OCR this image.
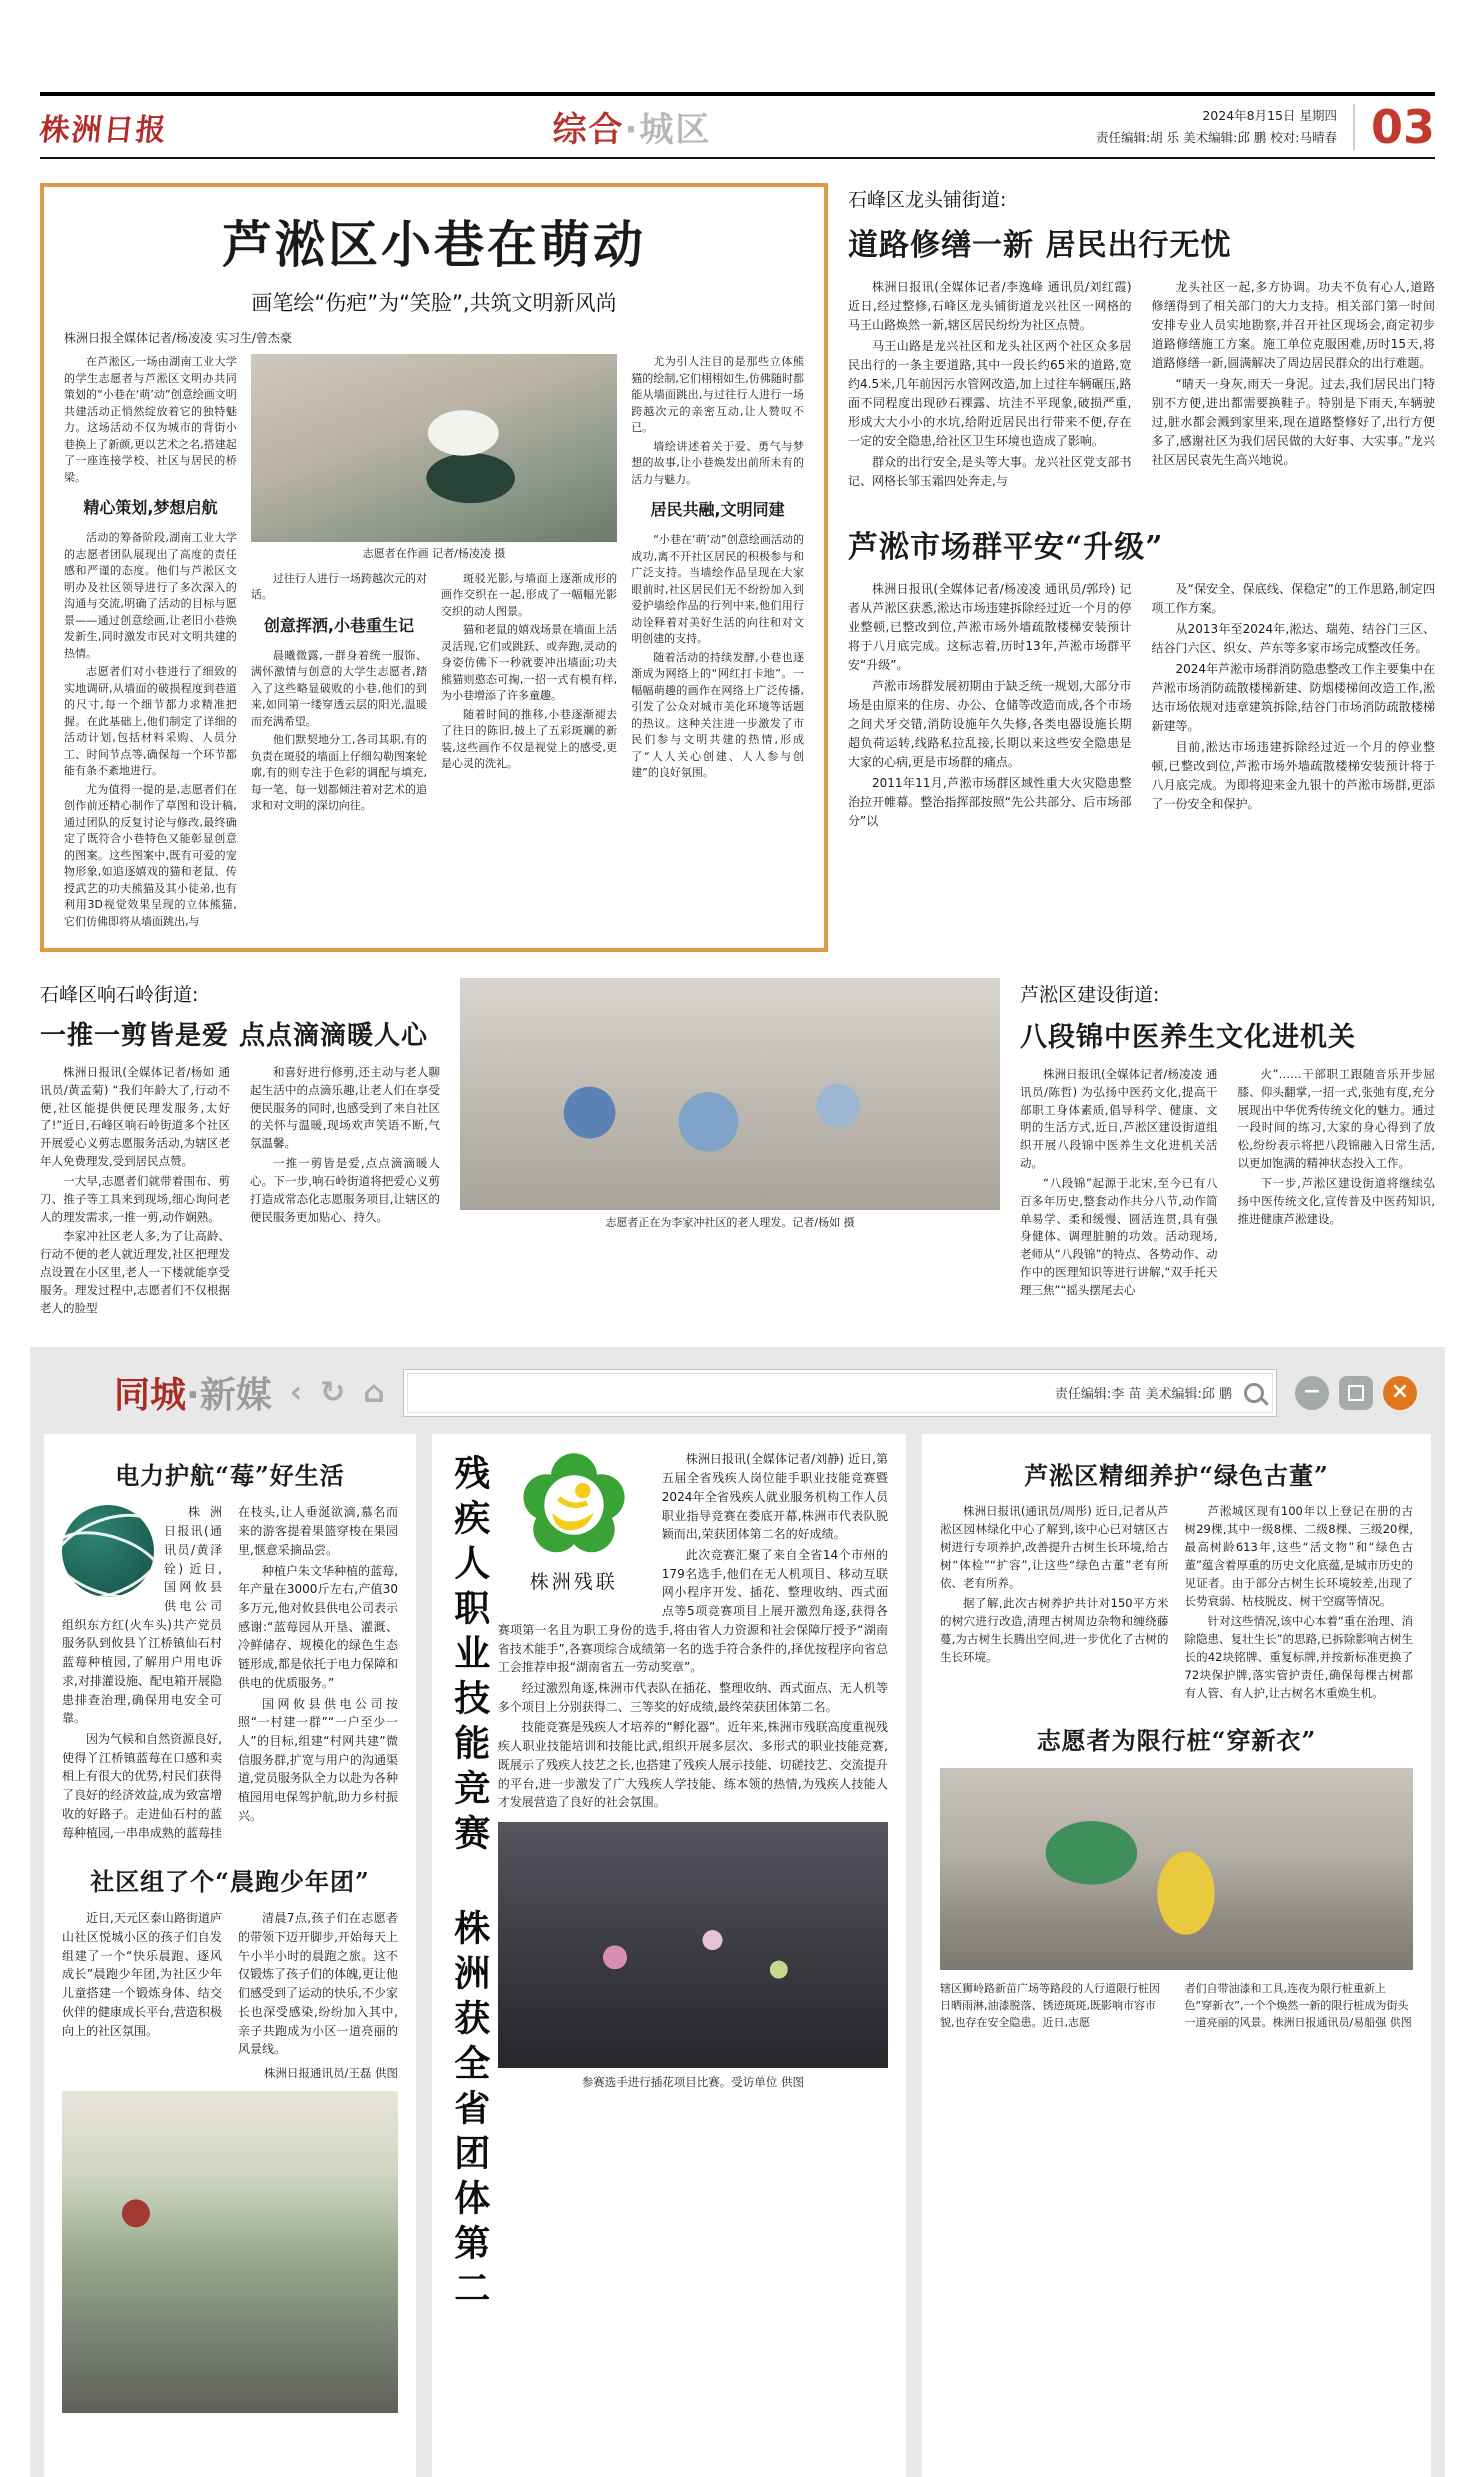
株洲日报	综合·城区	2024年8月15日 星期四
责任编辑:胡 乐 美术编辑:邱 鹏 校对:马晴春 03
芦淞区小巷在萌动
画笔绘“伤疤”为“笑脸”,共筑文明新风尚
株洲日报全媒体记者/杨凌凌 实习生/曾杰豪

在芦淞区,一场由湖南工业大学的学生志愿者与芦淞区文明办共同策划的“小巷在‘萌’动”创意绘画文明共建活动正悄然绽放着它的独特魅力。这场活动不仅为城市的背街小巷换上了新颜,更以艺术之名,搭建起了一座连接学校、社区与居民的桥梁。

精心策划,梦想启航

活动的筹备阶段,湖南工业大学的志愿者团队展现出了高度的责任感和严谨的态度。他们与芦淞区文明办及社区领导进行了多次深入的沟通与交流,明确了活动的目标与愿景——通过创意绘画,让老旧小巷焕发新生,同时激发市民对文明共建的热情。

志愿者们对小巷进行了细致的实地调研,从墙面的破损程度到巷道的尺寸,每一个细节都力求精准把握。在此基础上,他们制定了详细的活动计划,包括材料采购、人员分工、时间节点等,确保每一个环节都能有条不紊地进行。

尤为值得一提的是,志愿者们在创作前还精心制作了草图和设计稿,通过团队的反复讨论与修改,最终确定了既符合小巷特色又能彰显创意的图案。这些图案中,既有可爱的宠物形象,如追逐嬉戏的猫和老鼠、传授武艺的功夫熊猫及其小徒弟,也有利用3D视觉效果呈现的立体熊猫,它们仿佛即将从墙面跳出,与

志愿者在作画 记者/杨凌凌 摄

过往行人进行一场跨越次元的对话。

创意挥洒,小巷重生记

晨曦微露,一群身着统一服饰、满怀激情与创意的大学生志愿者,踏入了这些略显破败的小巷,他们的到来,如同第一缕穿透云层的阳光,温暖而充满希望。

他们默契地分工,各司其职,有的负责在斑驳的墙面上仔细勾勒图案轮廓,有的则专注于色彩的调配与填充,每一笔、每一划都倾注着对艺术的追求和对文明的深切向往。

斑驳光影,与墙面上逐渐成形的画作交织在一起,形成了一幅幅光影交织的动人图景。

猫和老鼠的嬉戏场景在墙面上活灵活现,它们或跳跃、或奔跑,灵动的身姿仿佛下一秒就要冲出墙面;功夫熊猫则憨态可掬,一招一式有模有样,为小巷增添了许多童趣。

随着时间的推移,小巷逐渐褪去了往日的陈旧,披上了五彩斑斓的新装,这些画作不仅是视觉上的感受,更是心灵的洗礼。

尤为引人注目的是那些立体熊猫的绘制,它们栩栩如生,仿佛随时都能从墙面跳出,与过往行人进行一场跨越次元的亲密互动,让人赞叹不已。

墙绘讲述着关于爱、勇气与梦想的故事,让小巷焕发出前所未有的活力与魅力。

居民共融,文明同建

“小巷在‘萌’动”创意绘画活动的成功,离不开社区居民的积极参与和广泛支持。当墙绘作品呈现在大家眼前时,社区居民们无不纷纷加入到爱护墙绘作品的行列中来,他们用行动诠释着对美好生活的向往和对文明创建的支持。

随着活动的持续发酵,小巷也逐渐成为网络上的“网红打卡地”。一幅幅萌趣的画作在网络上广泛传播,引发了公众对城市美化环境等话题的热议。这种关注进一步激发了市民们参与文明共建的热情,形成了“人人关心创建、人人参与创建”的良好氛围。

石峰区龙头铺街道:
道路修缮一新 居民出行无忧

株洲日报讯(全媒体记者/李逸峰 通讯员/刘红霞) 近日,经过整修,石峰区龙头铺街道龙兴社区一网格的马王山路焕然一新,辖区居民纷纷为社区点赞。

马王山路是龙兴社区和龙头社区两个社区众多居民出行的一条主要道路,其中一段长约65米的道路,宽约4.5米,几年前因污水管网改造,加上过往车辆碾压,路面不同程度出现砂石裸露、坑洼不平现象,破损严重,形成大大小小的水坑,给附近居民出行带来不便,存在一定的安全隐患,给社区卫生环境也造成了影响。

群众的出行安全,是头等大事。龙兴社区党支部书记、网格长邹玉霜四处奔走,与

龙头社区一起,多方协调。功夫不负有心人,道路修缮得到了相关部门的大力支持。相关部门第一时间安排专业人员实地勘察,并召开社区现场会,商定初步道路修缮施工方案。施工单位克服困难,历时15天,将道路修缮一新,圆满解决了周边居民群众的出行难题。

“晴天一身灰,雨天一身泥。过去,我们居民出门特别不方便,进出都需要换鞋子。特别是下雨天,车辆驶过,脏水都会溅到家里来,现在道路整修好了,出行方便多了,感谢社区为我们居民做的大好事、大实事。”龙兴社区居民袁先生高兴地说。

芦淞市场群平安“升级”

株洲日报讯(全媒体记者/杨凌凌 通讯员/郭玲) 记者从芦淞区获悉,淞达市场违建拆除经过近一个月的停业整顿,已整改到位,芦淞市场外墙疏散楼梯安装预计将于八月底完成。这标志着,历时13年,芦淞市场群平安“升级”。

芦淞市场群发展初期由于缺乏统一规划,大部分市场是由原来的住房、办公、仓储等改造而成,各个市场之间犬牙交错,消防设施年久失修,各类电器设施长期超负荷运转,线路私拉乱接,长期以来这些安全隐患是大家的心病,更是市场群的痛点。

2011年11月,芦淞市场群区域性重大火灾隐患整治拉开帷幕。整治指挥部按照“先公共部分、后市场部分”以

及“保安全、保底线、保稳定”的工作思路,制定四项工作方案。

从2013年至2024年,淞达、瑞苑、结谷门三区、结谷门六区、织女、芦东等多家市场完成整改任务。

2024年芦淞市场群消防隐患整改工作主要集中在芦淞市场消防疏散楼梯新建、防烟楼梯间改造工作,淞达市场依规对违章建筑拆除,结谷门市场消防疏散楼梯新建等。

目前,淞达市场违建拆除经过近一个月的停业整顿,已整改到位,芦淞市场外墙疏散楼梯安装预计将于八月底完成。为即将迎来金九银十的芦淞市场群,更添了一份安全和保护。

石峰区响石岭街道:
一推一剪皆是爱 点点滴滴暖人心

株洲日报讯(全媒体记者/杨如 通讯员/黄孟菊) “我们年龄大了,行动不便,社区能提供便民理发服务,太好了!”近日,石峰区响石岭街道多个社区开展爱心义剪志愿服务活动,为辖区老年人免费理发,受到居民点赞。

一大早,志愿者们就带着围布、剪刀、推子等工具来到现场,细心询问老人的理发需求,一推一剪,动作娴熟。

李家冲社区老人多,为了让高龄、行动不便的老人就近理发,社区把理发点设置在小区里,老人一下楼就能享受服务。理发过程中,志愿者们不仅根据老人的脸型

和喜好进行修剪,还主动与老人聊起生活中的点滴乐趣,让老人们在享受便民服务的同时,也感受到了来自社区的关怀与温暖,现场欢声笑语不断,气氛温馨。

一推一剪皆是爱,点点滴滴暖人心。下一步,响石岭街道将把爱心义剪打造成常态化志愿服务项目,让辖区的便民服务更加贴心、持久。	志愿者正在为李家冲社区的老人理发。记者/杨如 摄
芦淞区建设街道:
八段锦中医养生文化进机关

株洲日报讯(全媒体记者/杨凌凌 通讯员/陈哲) 为弘扬中医药文化,提高干部职工身体素质,倡导科学、健康、文明的生活方式,近日,芦淞区建设街道组织开展八段锦中医养生文化进机关活动。

“八段锦”起源于北宋,至今已有八百多年历史,整套动作共分八节,动作简单易学、柔和缓慢、圆活连贯,具有强身健体、调理脏腑的功效。活动现场,老师从“八段锦”的特点、各势动作、动作中的医理知识等进行讲解,“双手托天理三焦”“摇头摆尾去心

火”……干部职工跟随音乐开步屈膝、仰头翻掌,一招一式,张弛有度,充分展现出中华优秀传统文化的魅力。通过一段时间的练习,大家的身心得到了放松,纷纷表示将把八段锦融入日常生活,以更加饱满的精神状态投入工作。

下一步,芦淞区建设街道将继续弘扬中医传统文化,宣传普及中医药知识,推进健康芦淞建设。

同城·新媒 ‹ ↻ ⌂	责任编辑:李 苗 美术编辑:邱 鹏	−	×
电力护航“莓”好生活

株洲日报讯(通讯员/黄泽铨) 近日,国网攸县供电公司组织东方红(火车头)共产党员服务队到攸县丫江桥镇仙石村蓝莓种植园,了解用户用电诉求,对排灌设施、配电箱开展隐患排查治理,确保用电安全可靠。

因为气候和自然资源良好,使得丫江桥镇蓝莓在口感和卖相上有很大的优势,村民们获得了良好的经济效益,成为致富增收的好路子。走进仙石村的蓝莓种植园,一串串成熟的蓝莓挂在枝头,让人垂涎欲滴,慕名而来的游客提着果篮穿梭在果园里,惬意采摘品尝。

种植户朱文华种植的蓝莓,年产量在3000斤左右,产值30多万元,他对攸县供电公司表示感谢:“蓝莓园从开垦、灌溉、冷鲜储存、规模化的绿色生态链形成,都是依托于电力保障和供电的优质服务。”

国网攸县供电公司按照“一村建一群”“一户至少一人”的目标,组建“村网共建”微信服务群,扩宽与用户的沟通渠道,党员服务队全力以赴为各种植园用电保驾护航,助力乡村振兴。

社区组了个“晨跑少年团”

近日,天元区泰山路街道庐山社区悦城小区的孩子们自发组建了一个“快乐晨跑、逐风成长”晨跑少年团,为社区少年儿童搭建一个锻炼身体、结交伙伴的健康成长平台,营造积极向上的社区氛围。

清晨7点,孩子们在志愿者的带领下迈开脚步,开始每天上午小半小时的晨跑之旅。这不仅锻炼了孩子们的体魄,更让他们感受到了运动的快乐,不少家长也深受感染,纷纷加入其中,亲子共跑成为小区一道亮丽的风景线。

株洲日报通讯员/王磊 供图 残疾人职业技能竞赛 株洲获全省团体第二	株洲残联

株洲日报讯(全媒体记者/刘静) 近日,第五届全省残疾人岗位能手职业技能竞赛暨2024年全省残疾人就业服务机构工作人员职业指导竞赛在娄底开幕,株洲市代表队脱颖而出,荣获团体第二名的好成绩。

此次竞赛汇聚了来自全省14个市州的179名选手,他们在无人机项目、移动互联网小程序开发、插花、整理收纳、西式面点等5项竞赛项目上展开激烈角逐,获得各赛项第一名且为职工身份的选手,将由省人力资源和社会保障厅授予“湖南省技术能手”,各赛项综合成绩第一名的选手符合条件的,择优按程序向省总工会推荐申报“湖南省五一劳动奖章”。

经过激烈角逐,株洲市代表队在插花、整理收纳、西式面点、无人机等多个项目上分别获得二、三等奖的好成绩,最终荣获团体第二名。

技能竞赛是残疾人才培养的“孵化器”。近年来,株洲市残联高度重视残疾人职业技能培训和技能比武,组织开展多层次、多形式的职业技能竞赛,既展示了残疾人技艺之长,也搭建了残疾人展示技能、切磋技艺、交流提升的平台,进一步激发了广大残疾人学技能、练本领的热情,为残疾人技能人才发展营造了良好的社会氛围。

参赛选手进行插花项目比赛。受访单位 供图
芦淞区精细养护“绿色古董”

株洲日报讯(通讯员/周彤) 近日,记者从芦淞区园林绿化中心了解到,该中心已对辖区古树进行专项养护,改善提升古树生长环境,给古树“体检”“扩容”,让这些“绿色古董”老有所依、老有所养。

据了解,此次古树养护共计对150平方米的树穴进行改造,清理古树周边杂物和缠绕藤蔓,为古树生长腾出空间,进一步优化了古树的生长环境。

芦淞城区现有100年以上登记在册的古树29棵,其中一级8棵、二级8棵、三级20棵,最高树龄613年,这些“活文物”和“绿色古董”蕴含着厚重的历史文化底蕴,是城市历史的见证者。由于部分古树生长环境较差,出现了长势衰弱、枯枝脱皮、树干空腐等情况。

针对这些情况,该中心本着“重在治理、消除隐患、复壮生长”的思路,已拆除影响古树生长的42块铭牌、重复标牌,并按新标准更换了72块保护牌,落实管护责任,确保每棵古树都有人管、有人护,让古树名木重焕生机。

志愿者为限行桩“穿新衣”
辖区狮岭路新苗广场等路段的人行道限行桩因日晒雨淋,油漆脱落、锈迹斑斑,既影响市容市貌,也存在安全隐患。近日,志愿
者们自带油漆和工具,连夜为限行桩重新上色“穿新衣”,一个个焕然一新的限行桩成为街头一道亮丽的风景。株洲日报通讯员/易船强 供图
